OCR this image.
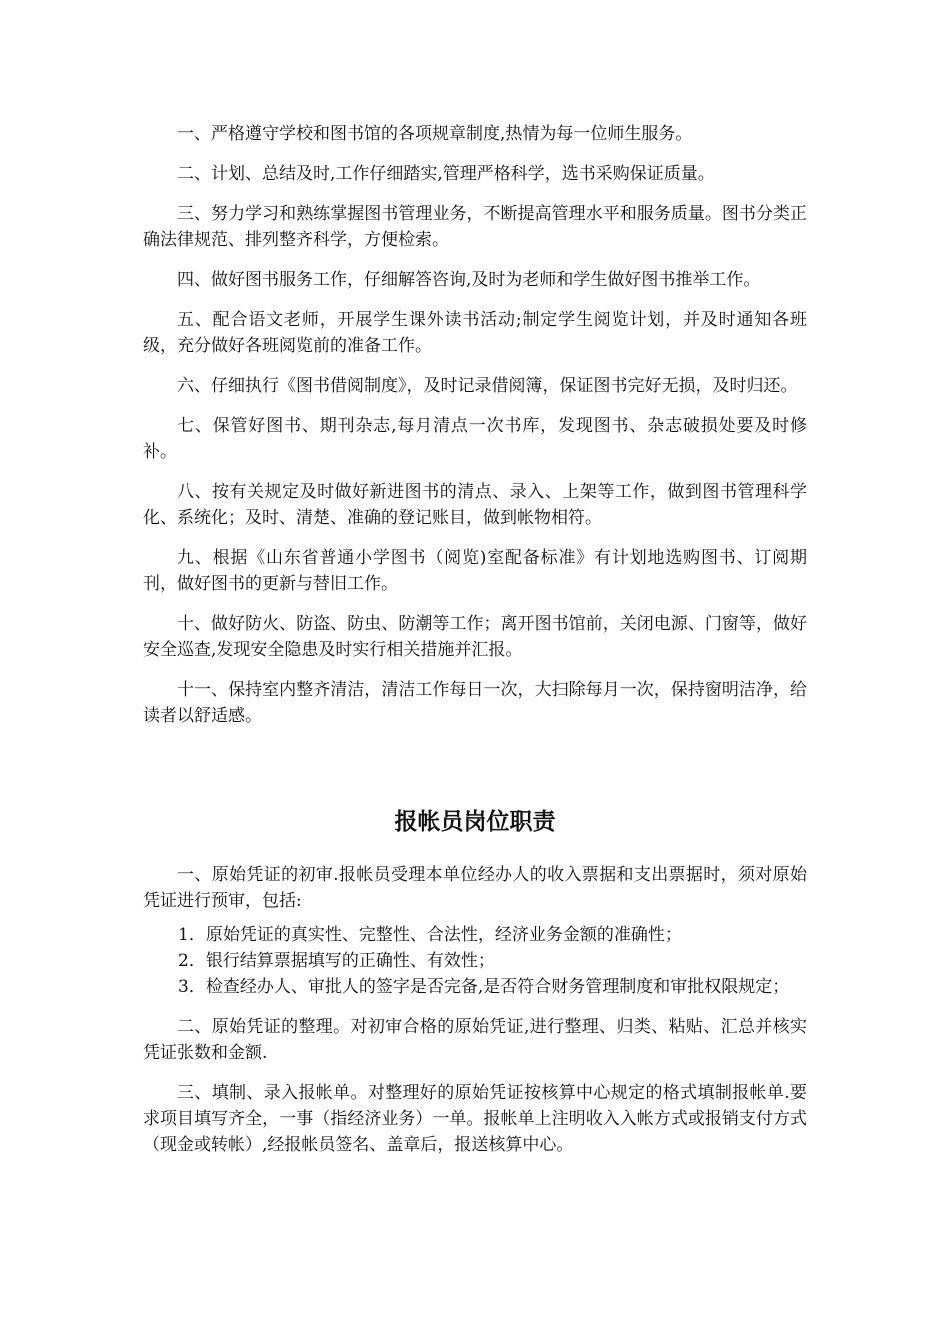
一、严格遵守学校和图书馆的各项规章制度,热情为每一位师生服务。

二、计划、总结及时,工作仔细踏实,管理严格科学，选书采购保证质量。

三、努力学习和熟练掌握图书管理业务，不断提高管理水平和服务质量。图书分类正确法律规范、排列整齐科学，方便检索。

四、做好图书服务工作，仔细解答咨询,及时为老师和学生做好图书推举工作。

五、配合语文老师，开展学生课外读书活动;制定学生阅览计划，并及时通知各班级，充分做好各班阅览前的准备工作。

六、仔细执行《图书借阅制度》，及时记录借阅簿，保证图书完好无损，及时归还。

七、保管好图书、期刊杂志,每月清点一次书库，发现图书、杂志破损处要及时修补。

八、按有关规定及时做好新进图书的清点、录入、上架等工作，做到图书管理科学化、系统化；及时、清楚、准确的登记账目，做到帐物相符。

九、根据《山东省普通小学图书（阅览)室配备标准》有计划地选购图书、订阅期刊，做好图书的更新与替旧工作。

十、做好防火、防盗、防虫、防潮等工作；离开图书馆前，关闭电源、门窗等，做好安全巡查,发现安全隐患及时实行相关措施并汇报。

十一、保持室内整齐清洁，清洁工作每日一次，大扫除每月一次，保持窗明洁净，给读者以舒适感。

报帐员岗位职责

一、原始凭证的初审.报帐员受理本单位经办人的收入票据和支出票据时，须对原始凭证进行预审，包括:

1．原始凭证的真实性、完整性、合法性，经济业务金额的准确性；
2．银行结算票据填写的正确性、有效性；
3．检查经办人、审批人的签字是否完备,是否符合财务管理制度和审批权限规定；

二、原始凭证的整理。对初审合格的原始凭证,进行整理、归类、粘贴、汇总并核实凭证张数和金额.

三、填制、录入报帐单。对整理好的原始凭证按核算中心规定的格式填制报帐单.要求项目填写齐全，一事（指经济业务）一单。报帐单上注明收入入帐方式或报销支付方式（现金或转帐）,经报帐员签名、盖章后，报送核算中心。
